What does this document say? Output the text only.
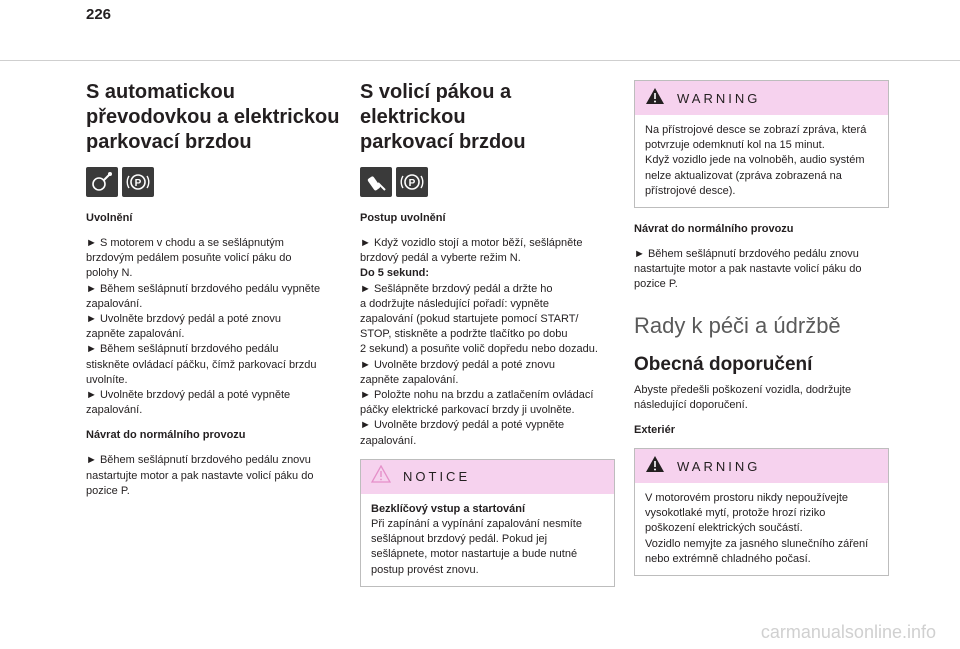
226
S automatickou
převodovkou a elektrickou
parkovací brzdou
P
Uvolnění
► S motorem v chodu a se sešlápnutým
brzdovým pedálem posuňte volicí páku do
polohy N.
► Během sešlápnutí brzdového pedálu vypněte
zapalování.
► Uvolněte brzdový pedál a poté znovu
zapněte zapalování.
► Během sešlápnutí brzdového pedálu
stiskněte ovládací páčku, čímž parkovací brzdu
uvolníte.
► Uvolněte brzdový pedál a poté vypněte
zapalování.
Návrat do normálního provozu
► Během sešlápnutí brzdového pedálu znovu
nastartujte motor a pak nastavte volicí páku do
pozice P.
S volicí pákou a elektrickou
parkovací brzdou
P
Postup uvolnění
► Když vozidlo stojí a motor běží, sešlápněte
brzdový pedál a vyberte režim N.
Do 5 sekund:
► Sešlápněte brzdový pedál a držte ho
a dodržujte následující pořadí: vypněte
zapalování (pokud startujete pomocí START/
STOP, stiskněte a podržte tlačítko po dobu
2 sekund) a posuňte volič dopředu nebo dozadu.
► Uvolněte brzdový pedál a poté znovu
zapněte zapalování.
► Položte nohu na brzdu a zatlačením ovládací
páčky elektrické parkovací brzdy ji uvolněte.
► Uvolněte brzdový pedál a poté vypněte
zapalování.
NOTICE
Bezklíčový vstup a startování
Při zapínání a vypínání zapalování nesmíte
sešlápnout brzdový pedál. Pokud jej
sešlápnete, motor nastartuje a bude nutné
postup provést znovu.
WARNING
Na přístrojové desce se zobrazí zpráva, která
potvrzuje odemknutí kol na 15 minut.
Když vozidlo jede na volnoběh, audio systém
nelze aktualizovat (zpráva zobrazená na
přístrojové desce).
Návrat do normálního provozu
► Během sešlápnutí brzdového pedálu znovu
nastartujte motor a pak nastavte volicí páku do
pozice P.
Rady k péči a údržbě
Obecná doporučení
Abyste předešli poškození vozidla, dodržujte
následující doporučení.
Exteriér
WARNING
V motorovém prostoru nikdy nepoužívejte
vysokotlaké mytí, protože hrozí riziko
poškození elektrických součástí.
Vozidlo nemyjte za jasného slunečního záření
nebo extrémně chladného počasí.
carmanualsonline.info
